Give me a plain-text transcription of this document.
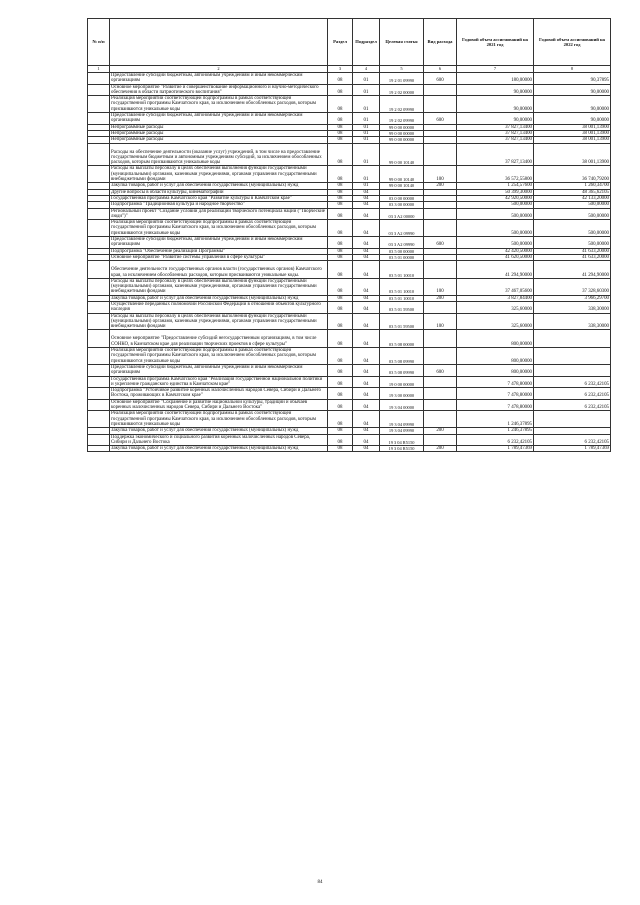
№ п/п		Раздел	Подраздел	Целевая статья	Вид расхода	Годовой объем ассигнований на 2021 год	Годовой объем ассигнований на 2022 год
1	2	3	4	5	6	7	8
	Предоставление субсидий бюджетным, автономным учреждениям и иным некоммерческим организациям	08	01	19 2 01 09990	600	180,00000	90,37895
	Основное мероприятие "Развитие и совершенствование информационного и научно-методического обеспечения в области патриотического воспитания"	08	01	19 2 02 00000		90,00000	90,00000
	Реализация мероприятий соответствующей подпрограммы в рамках соответствующей государственной программы Камчатского края, за исключением обособленных расходов, которым присваиваются уникальные коды	08	01	19 2 02 09990		90,00000	90,00000
	Предоставление субсидий бюджетным, автономным учреждениям и иным некоммерческим организациям	08	01	19 2 02 09990	600	90,00000	90,00000
	Непрограммные расходы	08	01	99 0 00 00000		37 827,13400	38 001,13900
	Непрограммные расходы	08	01	99 0 00 00000		37 827,13400	38 001,13900
	Непрограммные расходы	08	01	99 0 00 00000		37 827,13400	38 001,13900
	Расходы на обеспечение деятельности (оказание услуг) учреждений, в том числе на предоставление государственным бюджетным и автономным учреждениям субсидий, за исключением обособленных расходов, которым присваиваются уникальные коды	08	01	99 0 00 10140		37 827,13400	38 001,13900
	Расходы на выплаты персоналу в целях обеспечения выполнения функций государственными (муниципальными) органами, казенными учреждениями, органами управления государственными внебюджетными фондами	08	01	99 0 00 10140	100	36 572,55800	36 740,79200
	Закупка товаров, работ и услуг для обеспечения государственных (муниципальных) нужд	08	01	99 0 00 10140	200	1 254,57600	1 260,34700
	Другие вопросы в области культуры, кинематографии	08	04			50 399,30000	48 365,62105
	Государственная программа Камчатского края "Развитие культуры в Камчатском крае"	08	04	03 0 00 00000		42 920,50000	42 133,20000
	Подпрограмма "Традиционная культура и народное творчество"	08	04	03 3 00 00000		500,00000	500,00000
	Региональный проект "Создание условий для реализации творческого потенциала нации ("Творческие люди")"	08	04	03 3 A2 00000		500,00000	500,00000
	Реализация мероприятий соответствующей подпрограммы в рамках соответствующей государственной программы Камчатского края, за исключением обособленных расходов, которым присваиваются уникальные коды	08	04	03 3 A2 09990		500,00000	500,00000
	Предоставление субсидий бюджетным, автономным учреждениям и иным некоммерческим организациям	08	04	03 3 A2 09990	600	500,00000	500,00000
	Подпрограмма "Обеспечение реализации Программы"	08	04	03 5 00 00000		42 420,50000	41 633,20000
	Основное мероприятие "Развитие системы управления в сфере культуры"	08	04	03 5 01 00000		41 620,50000	41 633,20000
	Обеспечение деятельности государственных органов власти (государственных органов) Камчатского края, за исключением обособленных расходов, которым присваиваются уникальные коды.	08	04	03 5 01 10010		41 294,90000	41 294,90000
	Расходы на выплаты персоналу в целях обеспечения выполнения функций государственными (муниципальными) органами, казенными учреждениями, органами управления государственными внебюджетными фондами	08	04	03 5 01 10010	100	37 467,05600	37 328,60300
	Закупка товаров, работ и услуг для обеспечения государственных (муниципальных) нужд	08	04	03 5 01 10010	200	3 827,84400	3 966,29700
	Осуществление переданных полномочий Российской Федерации в отношении объектов культурного наследия	08	04	03 5 01 59500		325,60000	338,30000
	Расходы на выплаты персоналу в целях обеспечения выполнения функций государственными (муниципальными) органами, казенными учреждениями, органами управления государственными внебюджетными фондами	08	04	03 5 01 59500	100	325,60000	338,30000
	Основное мероприятие "Предоставление субсидий негосударственным организациям, в том числе СОНКО, в Камчатском крае для реализации творческих проектов в сфере культуры"	08	04	03 5 08 00000		800,00000	
	Реализация мероприятий соответствующей подпрограммы в рамках соответствующей государственной программы Камчатского края, за исключением обособленных расходов, которым присваиваются уникальные коды	08	04	03 5 08 09990		800,00000	
	Предоставление субсидий бюджетным, автономным учреждениям и иным некоммерческим организациям	08	04	03 5 08 09990	600	800,00000	
	Государственная программа Камчатского края "Реализация государственной национальной политики и укрепление гражданского единства в Камчатском крае"	08	04	19 0 00 00000		7 478,80000	6 232,42105
	Подпрограмма "Устойчивое развитие коренных малочисленных народов Севера, Сибири и Дальнего Востока, проживающих в Камчатском крае"	08	04	19 3 00 00000		7 478,80000	6 232,42105
	Основное мероприятие "Сохранение и развитие национальной культуры, традиций и обычаев коренных малочисленных народов Севера, Сибири и Дальнего Востока"	08	04	19 3 04 00000		7 478,80000	6 232,42105
	Реализация мероприятий соответствующей подпрограммы в рамках соответствующей государственной программы Камчатского края, за исключением обособленных расходов, которым присваиваются уникальные коды	08	04	19 3 04 09990		1 246,37895	
	Закупка товаров, работ и услуг для обеспечения государственных (муниципальных) нужд	08	04	19 3 04 09990	200	1 246,37895	
	Поддержка экономического и социального развития коренных малочисленных народов Севера, Сибири и Дальнего Востока	08	04	19 3 04 R5150		6 232,42105	6 232,42105
	Закупка товаров, работ и услуг для обеспечения государственных (муниципальных) нужд	08	04	19 3 04 R5150	200	1 789,47369	1 789,47369
84
